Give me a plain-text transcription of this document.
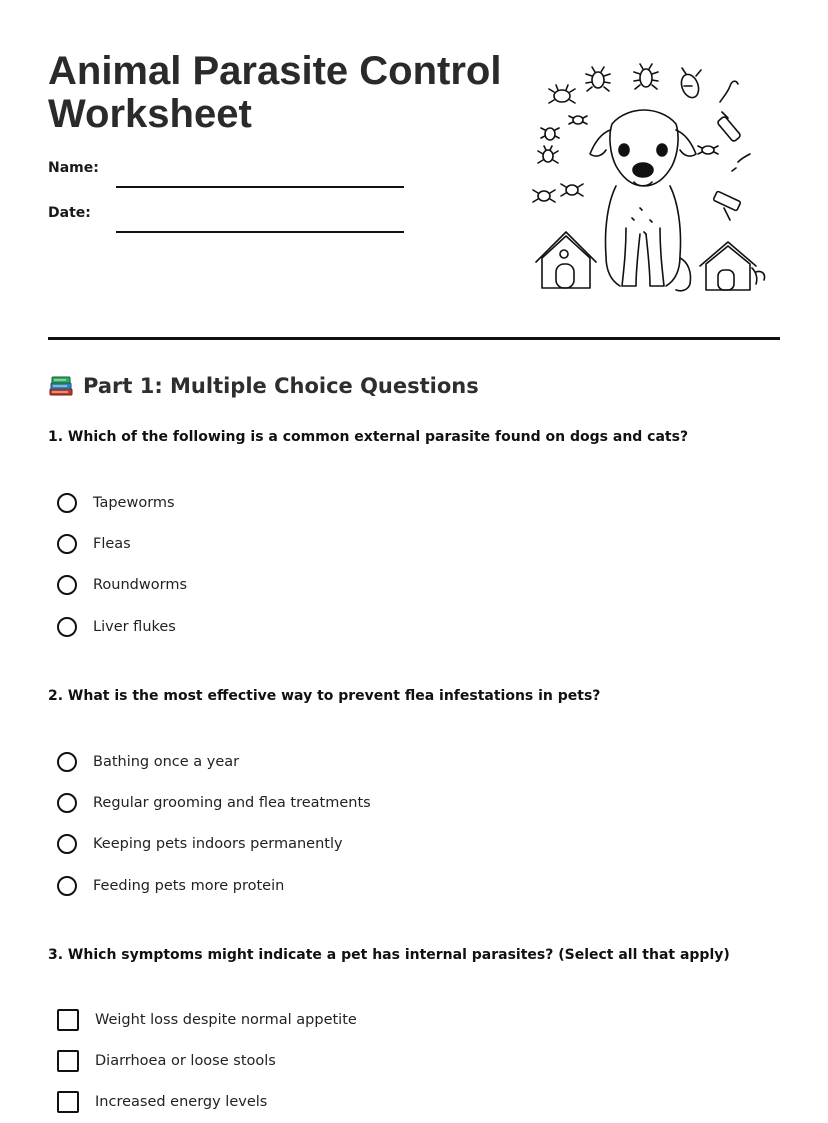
Animal Parasite Control Worksheet
Name:
Date:
Part 1: Multiple Choice Questions

1. Which of the following is a common external parasite found on dogs and cats?

Tapeworms
Fleas
Roundworms
Liver flukes

2. What is the most effective way to prevent flea infestations in pets?

Bathing once a year
Regular grooming and flea treatments
Keeping pets indoors permanently
Feeding pets more protein

3. Which symptoms might indicate a pet has internal parasites? (Select all that apply)

Weight loss despite normal appetite
Diarrhoea or loose stools
Increased energy levels
